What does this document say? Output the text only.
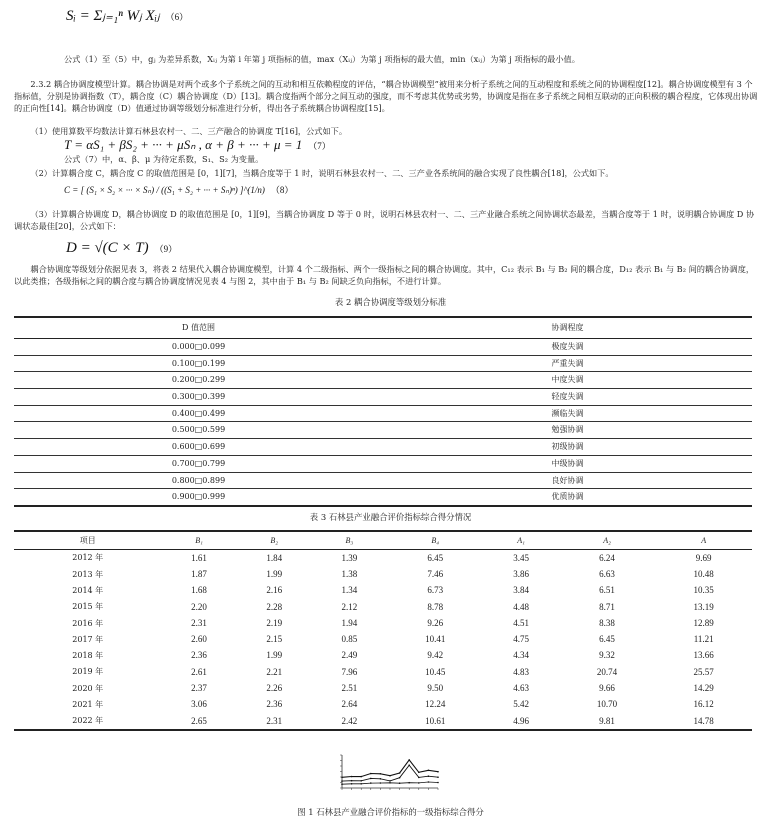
Sᵢ = Σⱼ₌₁ⁿ Wⱼ Xᵢⱼ （6）
公式（1）至（5）中，gⱼ 为差异系数，Xᵢⱼ 为第 i 年第 j 项指标的值，max（Xᵢⱼ）为第 j 项指标的最大值，min（xᵢⱼ）为第 j 项指标的最小值。
2.3.2 耦合协调度模型计算。耦合协调是对两个或多个子系统之间的互动和相互依赖程度的评估，“耦合协调模型”被用来分析子系统之间的互动程度和系统之间的协调程度[12]。耦合协调度模型有 3 个指标值，分别是协调指数（T），耦合度（C）耦合协调度（D）[13]。耦合度指两个部分之间互动的强度，而不考虑其优势或劣势，协调度是指在多子系统之间相互联动的正向积极的耦合程度，它体现出协调的正向性[14]。耦合协调度（D）值通过协调等级划分标准进行分析，得出各子系统耦合协调程度[15]。
（1）使用算数平均数法计算石林县农村一、二、三产融合的协调度 T[16]，公式如下。
T = αS₁ + βS₂ + ··· + μSₙ , α + β + ··· + μ = 1 （7）
公式（7）中，α、β、μ 为待定系数，S₁、S₂ 为变量。
（2）计算耦合度 C，耦合度 C 的取值范围是 [0，1][7]，当耦合度等于 1 时，说明石林县农村一、二、三产业各系统间的融合实现了良性耦合[18]，公式如下。
C = [ (S₁ × S₂ × ··· × Sₙ) / ((S₁ + S₂ + ··· + Sₙ)ⁿ) ]^(1/n) （8）
（3）计算耦合协调度 D，耦合协调度 D 的取值范围是 [0，1][9]，当耦合协调度 D 等于 0 时，说明石林县农村一、二、三产业融合系统之间协调状态最差，当耦合度等于 1 时，说明耦合协调度 D 协调状态最佳[20]，公式如下：
D = √(C × T) （9）
耦合协调度等级划分依据见表 3，将表 2 结果代入耦合协调度模型，计算 4 个二级指标、两个一级指标之间的耦合协调度。其中，C₁₂ 表示 B₁ 与 B₂ 间的耦合度，D₁₂ 表示 B₁ 与 B₂ 间的耦合协调度，以此类推；各级指标之间的耦合度与耦合协调度情况见表 4 与图 2，其中由于 B₁ 与 B₂ 间缺乏负向指标，不进行计算。
表 2 耦合协调度等级划分标准
D 值范围	协调程度
0.000□0.099	极度失调
0.100□0.199	严重失调
0.200□0.299	中度失调
0.300□0.399	轻度失调
0.400□0.499	濒临失调
0.500□0.599	勉强协调
0.600□0.699	初级协调
0.700□0.799	中级协调
0.800□0.899	良好协调
0.900□0.999	优质协调
表 3 石林县产业融合评价指标综合得分情况
项目	B₁	B₂	B₃	B₄	A₁	A₂	A
2012 年	1.61	1.84	1.39	6.45	3.45	6.24	9.69
2013 年	1.87	1.99	1.38	7.46	3.86	6.63	10.48
2014 年	1.68	2.16	1.34	6.73	3.84	6.51	10.35
2015 年	2.20	2.28	2.12	8.78	4.48	8.71	13.19
2016 年	2.31	2.19	1.94	9.26	4.51	8.38	12.89
2017 年	2.60	2.15	0.85	10.41	4.75	6.45	11.21
2018 年	2.36	1.99	2.49	9.42	4.34	9.32	13.66
2019 年	2.61	2.21	7.96	10.45	4.83	20.74	25.57
2020 年	2.37	2.26	2.51	9.50	4.63	9.66	14.29
2021 年	3.06	2.36	2.64	12.24	5.42	10.70	16.12
2022 年	2.65	2.31	2.42	10.61	4.96	9.81	14.78
图 1 石林县产业融合评价指标的一级指标综合得分
